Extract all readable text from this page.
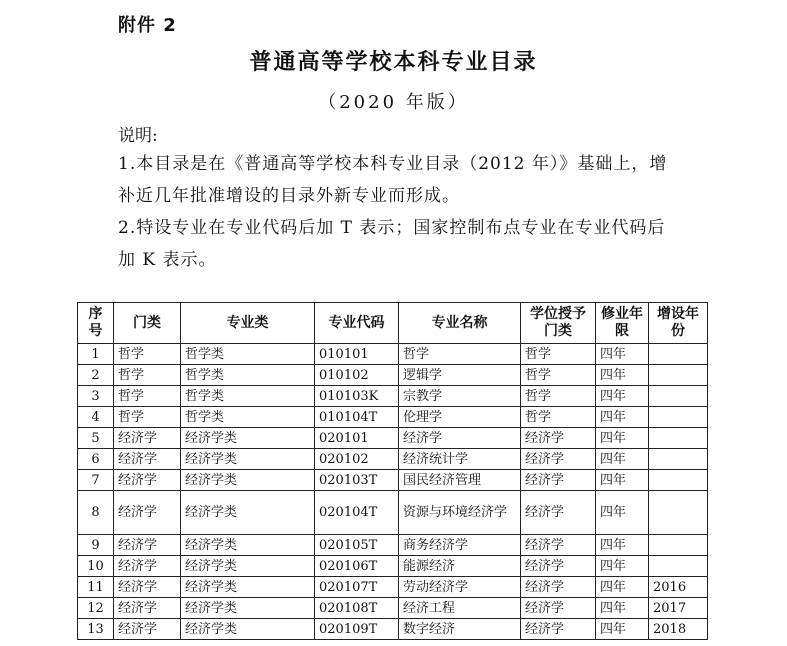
附件 2
普通高等学校本科专业目录
（2020 年版）
说明:
1.本目录是在《普通高等学校本科专业目录（2012 年）》基础上，增补近几年批准增设的目录外新专业而形成。
2.特设专业在专业代码后加 T 表示；国家控制布点专业在专业代码后加 K 表示。
序号	门类	专业类	专业代码	专业名称	学位授予门类	修业年限	增设年份
1	哲学	哲学类	010101	哲学	哲学	四年	
2	哲学	哲学类	010102	逻辑学	哲学	四年	
3	哲学	哲学类	010103K	宗教学	哲学	四年	
4	哲学	哲学类	010104T	伦理学	哲学	四年	
5	经济学	经济学类	020101	经济学	经济学	四年	
6	经济学	经济学类	020102	经济统计学	经济学	四年	
7	经济学	经济学类	020103T	国民经济管理	经济学	四年	
8	经济学	经济学类	020104T	资源与环境经济学	经济学	四年	
9	经济学	经济学类	020105T	商务经济学	经济学	四年	
10	经济学	经济学类	020106T	能源经济	经济学	四年	
11	经济学	经济学类	020107T	劳动经济学	经济学	四年	2016
12	经济学	经济学类	020108T	经济工程	经济学	四年	2017
13	经济学	经济学类	020109T	数字经济	经济学	四年	2018
